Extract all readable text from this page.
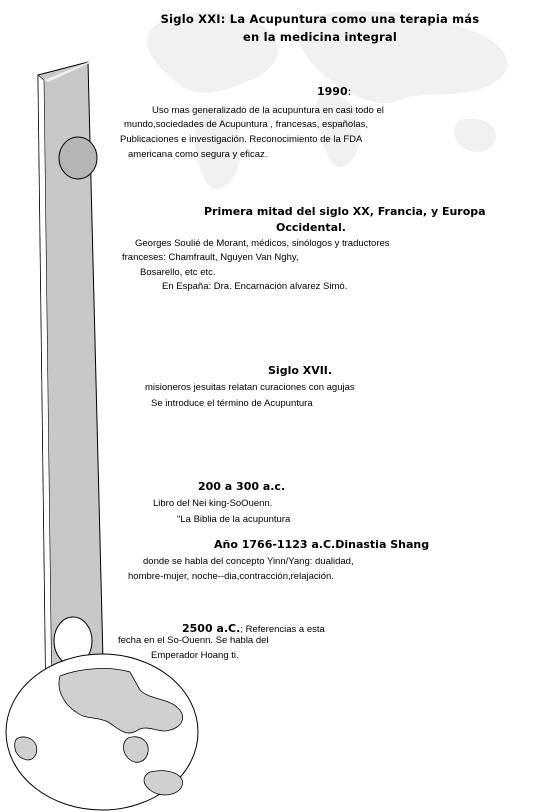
Siglo XXI: La Acupuntura como una terapia más
en la medicina integral
1990:
Uso mas generalizado de la acupuntura en casi todo el
mundo,sociedades de Acupuntura , francesas, españolas,
Publicaciones e investigación. Reconocimiento de la FDA
americana como segura y eficaz.
Primera mitad del siglo XX, Francia, y Europa
Occidental.
Georges Soulié de Morant, médicos, sinólogos y traductores
franceses: Chamfrault, Nguyen Van Nghy,
Bosarello, etc etc.
En España: Dra. Encarnación alvarez Simó.
Siglo XVII.
misioneros jesuitas relatan curaciones con agujas
Se introduce el término de Acupuntura
200 a 300 a.c.
Libro del Nei king-SoOuenn.
"La Biblia de la acupuntura
Año 1766-1123 a.C.Dinastia Shang
donde se habla del concepto Yinn/Yang: dualidad,
hombre-mujer, noche--dia,contracción,relajación.
2500 a.C.; Referencias a esta
fecha en el So-Ouenn. Se habla del
Emperador Hoang ti.
